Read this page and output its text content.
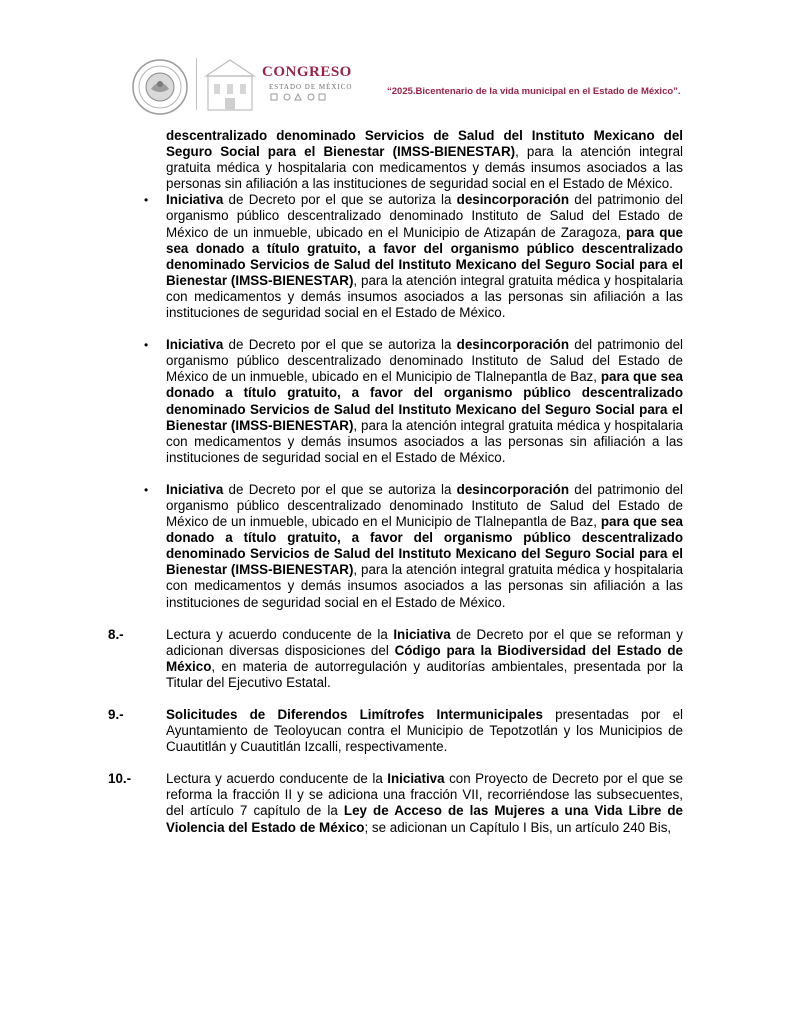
CONGRESO
ESTADO DE MÉXICO	“2025.Bicentenario de la vida municipal en el Estado de México”.
descentralizado denominado Servicios de Salud del Instituto Mexicano del Seguro Social para el Bienestar (IMSS-BIENESTAR), para la atención integral gratuita médica y hospitalaria con medicamentos y demás insumos asociados a las personas sin afiliación a las instituciones de seguridad social en el Estado de México.
• Iniciativa de Decreto por el que se autoriza la desincorporación del patrimonio del organismo público descentralizado denominado Instituto de Salud del Estado de México de un inmueble, ubicado en el Municipio de Atizapán de Zaragoza, para que sea donado a título gratuito, a favor del organismo público descentralizado denominado Servicios de Salud del Instituto Mexicano del Seguro Social para el Bienestar (IMSS-BIENESTAR), para la atención integral gratuita médica y hospitalaria con medicamentos y demás insumos asociados a las personas sin afiliación a las instituciones de seguridad social en el Estado de México.
• Iniciativa de Decreto por el que se autoriza la desincorporación del patrimonio del organismo público descentralizado denominado Instituto de Salud del Estado de México de un inmueble, ubicado en el Municipio de Tlalnepantla de Baz, para que sea donado a título gratuito, a favor del organismo público descentralizado denominado Servicios de Salud del Instituto Mexicano del Seguro Social para el Bienestar (IMSS-BIENESTAR), para la atención integral gratuita médica y hospitalaria con medicamentos y demás insumos asociados a las personas sin afiliación a las instituciones de seguridad social en el Estado de México.
• Iniciativa de Decreto por el que se autoriza la desincorporación del patrimonio del organismo público descentralizado denominado Instituto de Salud del Estado de México de un inmueble, ubicado en el Municipio de Tlalnepantla de Baz, para que sea donado a título gratuito, a favor del organismo público descentralizado denominado Servicios de Salud del Instituto Mexicano del Seguro Social para el Bienestar (IMSS-BIENESTAR), para la atención integral gratuita médica y hospitalaria con medicamentos y demás insumos asociados a las personas sin afiliación a las instituciones de seguridad social en el Estado de México.
8.-	Lectura y acuerdo conducente de la Iniciativa de Decreto por el que se reforman y adicionan diversas disposiciones del Código para la Biodiversidad del Estado de México, en materia de autorregulación y auditorías ambientales, presentada por la Titular del Ejecutivo Estatal.
9.-	Solicitudes de Diferendos Limítrofes Intermunicipales presentadas por el Ayuntamiento de Teoloyucan contra el Municipio de Tepotzotlán y los Municipios de Cuautitlán y Cuautitlán Izcalli, respectivamente.
10.-	Lectura y acuerdo conducente de la Iniciativa con Proyecto de Decreto por el que se reforma la fracción II y se adiciona una fracción VII, recorriéndose las subsecuentes, del artículo 7 capítulo de la Ley de Acceso de las Mujeres a una Vida Libre de Violencia del Estado de México; se adicionan un Capítulo I Bis, un artículo 240 Bis,
